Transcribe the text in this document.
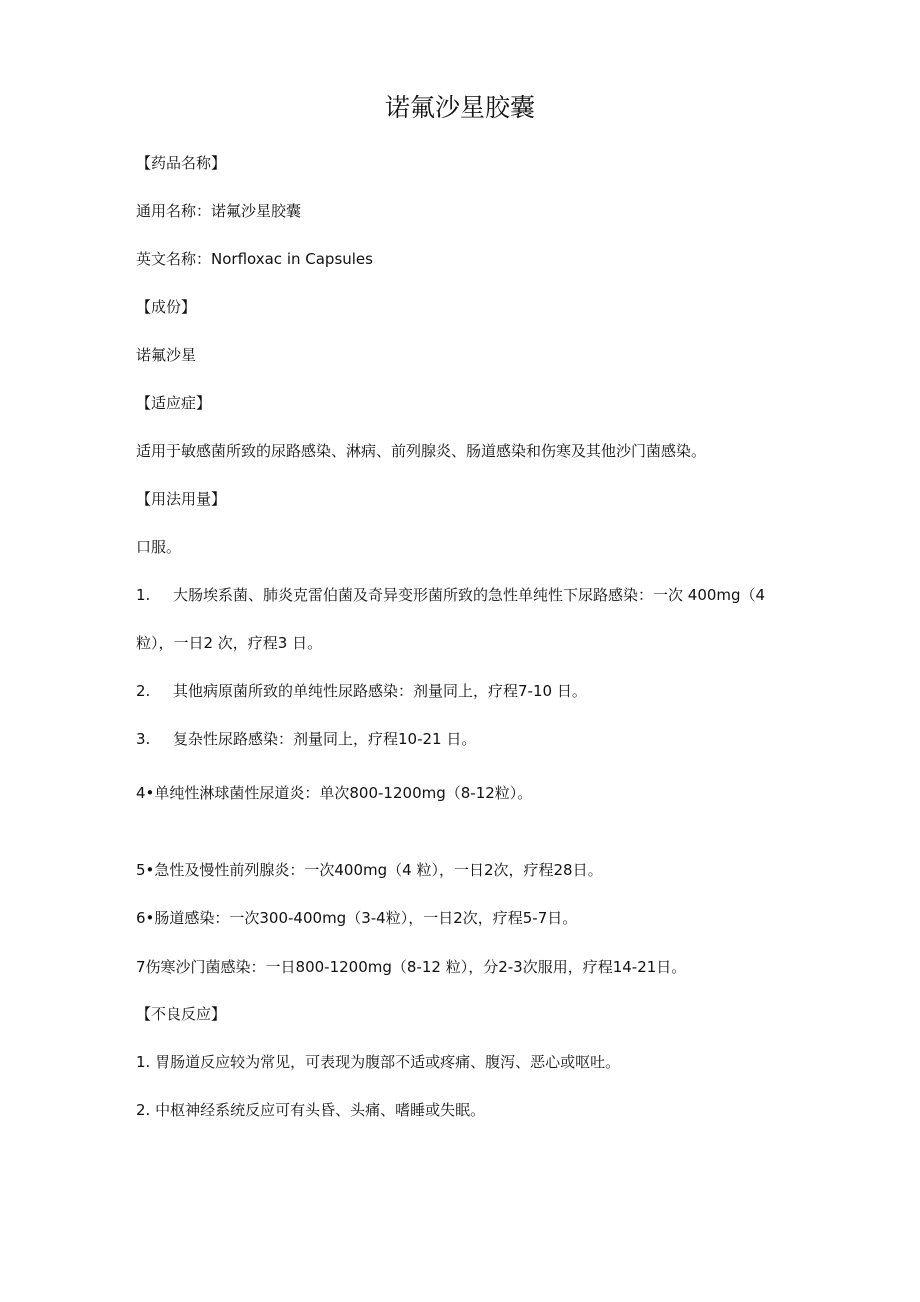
诺氟沙星胶囊

【药品名称】

通用名称：诺氟沙星胶囊

英文名称：Norfloxac in Capsules

【成份】

诺氟沙星

【适应症】

适用于敏感菌所致的尿路感染、淋病、前列腺炎、肠道感染和伤寒及其他沙门菌感染。

【用法用量】

口服。

1. 大肠埃系菌、肺炎克雷伯菌及奇异变形菌所致的急性单纯性下尿路感染：一次 400mg（4

粒），一日2 次，疗程3 日。

2. 其他病原菌所致的单纯性尿路感染：剂量同上，疗程7-10 日。

3. 复杂性尿路感染：剂量同上，疗程10-21 日。

4•单纯性淋球菌性尿道炎：单次800-1200mg（8-12粒）。

5•急性及慢性前列腺炎：一次400mg（4 粒），一日2次，疗程28日。

6•肠道感染：一次300-400mg（3-4粒），一日2次，疗程5-7日。

7伤寒沙门菌感染：一日800-1200mg（8-12 粒），分2-3次服用，疗程14-21日。

【不良反应】

1. 胃肠道反应较为常见，可表现为腹部不适或疼痛、腹泻、恶心或呕吐。

2. 中枢神经系统反应可有头昏、头痛、嗜睡或失眠。
